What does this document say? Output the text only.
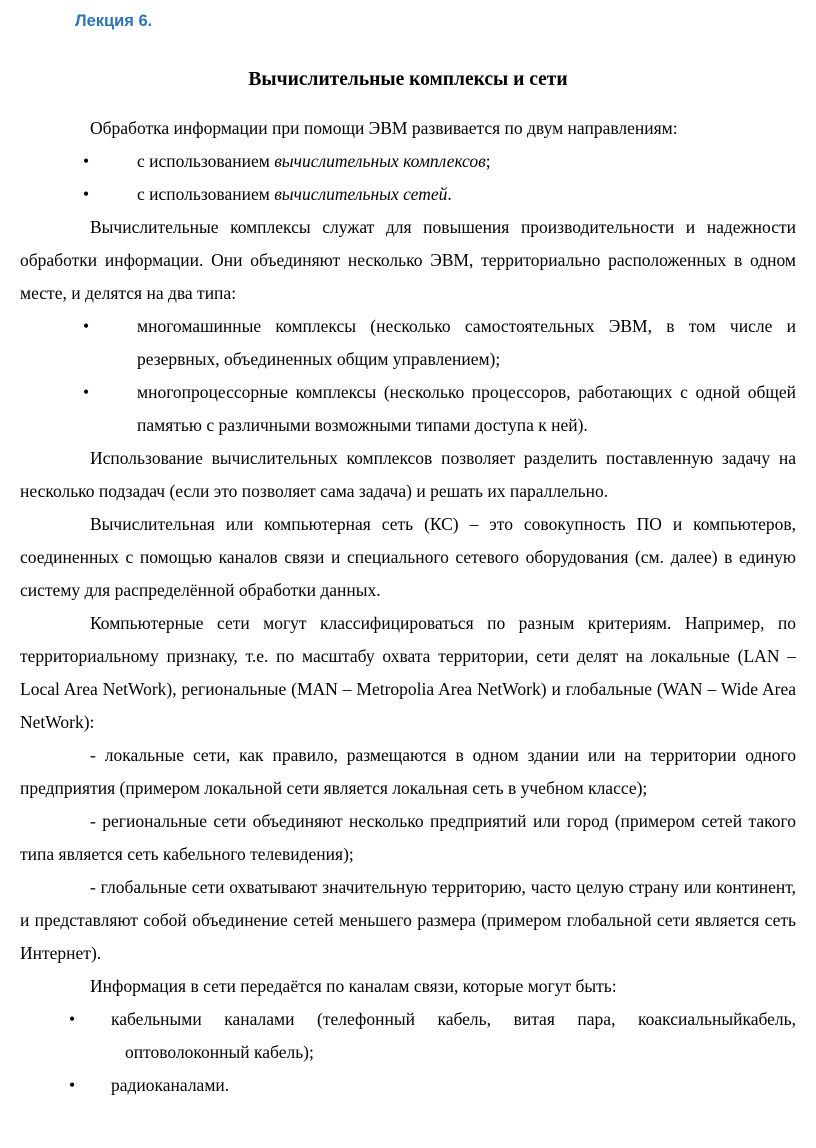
Лекция 6.
Вычислительные комплексы и сети

Обработка информации при помощи ЭВМ развивается по двум направлениям:

•	с использованием вычислительных комплексов;
•	с использованием вычислительных сетей.

Вычислительные комплексы служат для повышения производительности и надежности обработки информации. Они объединяют несколько ЭВМ, территориально расположенных в одном месте, и делятся на два типа:

•	многомашинные комплексы (несколько самостоятельных ЭВМ, в том числе и резервных, объединенных общим управлением);
•	многопроцессорные комплексы (несколько процессоров, работающих с одной общей памятью с различными возможными типами доступа к ней).

Использование вычислительных комплексов позволяет разделить поставленную задачу на несколько подзадач (если это позволяет сама задача) и решать их параллельно.

Вычислительная или компьютерная сеть (КС) – это совокупность ПО и компьютеров, соединенных с помощью каналов связи и специального сетевого оборудования (см. далее) в единую систему для распределённой обработки данных.

Компьютерные сети могут классифицироваться по разным критериям. Например, по территориальному признаку, т.е. по масштабу охвата территории, сети делят на локальные (LAN – Local Area NetWork), региональные (MAN – Metropolia Area NetWork) и глобальные (WAN – Wide Area NetWork):

- локальные сети, как правило, размещаются в одном здании или на территории одного предприятия (примером локальной сети является локальная сеть в учебном классе);

- региональные сети объединяют несколько предприятий или город (примером сетей такого типа является сеть кабельного телевидения);

- глобальные сети охватывают значительную территорию, часто целую страну или континент, и представляют собой объединение сетей меньшего размера (примером глобальной сети является сеть Интернет).

Информация в сети передаётся по каналам связи, которые могут быть:

• кабельными каналами (телефонный кабель, витая пара, коаксиальныйкабель, оптоволоконный кабель);
• радиоканалами.
